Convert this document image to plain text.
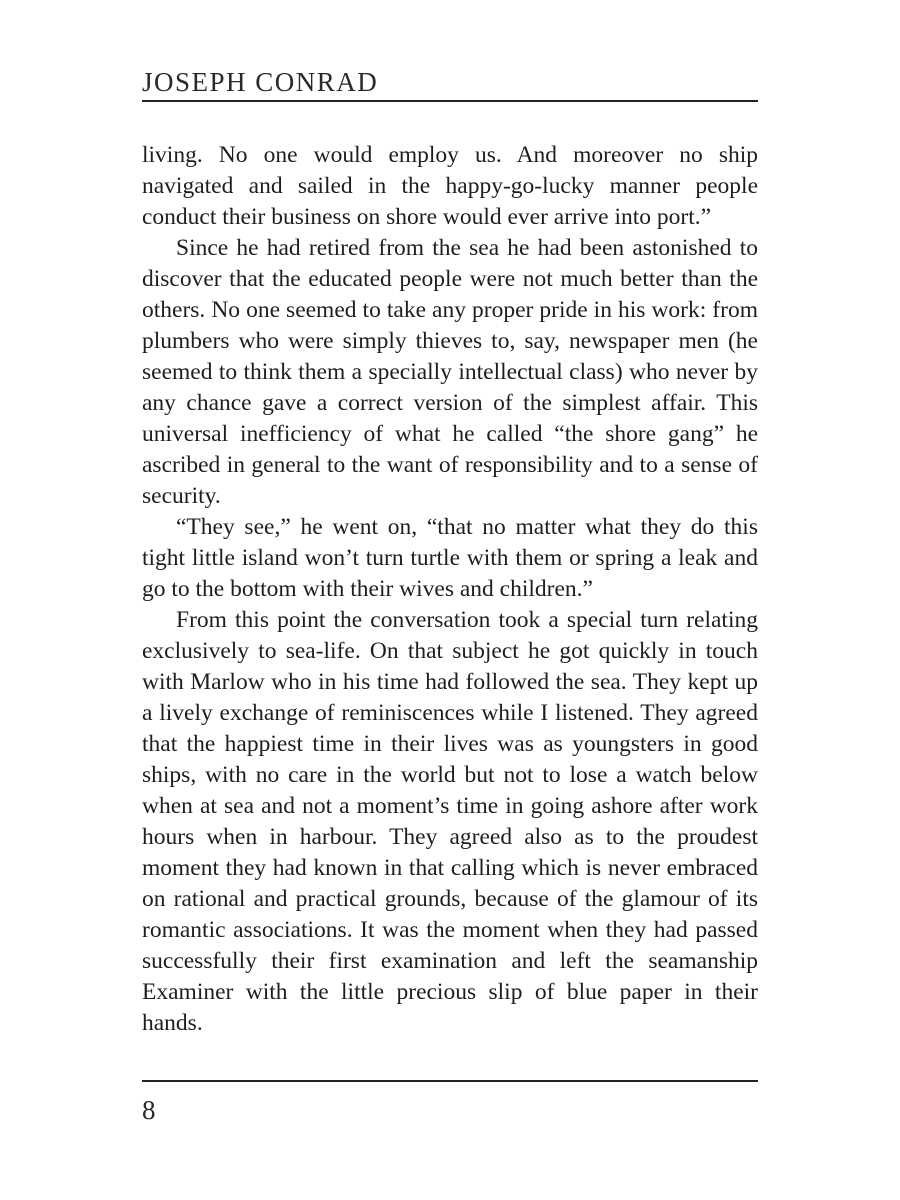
JOSEPH CONRAD

living. No one would employ us. And moreover no ship navigated and sailed in the happy-go-lucky manner people conduct their business on shore would ever arrive into port.”

Since he had retired from the sea he had been astonished to discover that the educated people were not much better than the others. No one seemed to take any proper pride in his work: from plumbers who were simply thieves to, say, newspaper men (he seemed to think them a specially intellectual class) who never by any chance gave a correct version of the simplest affair. This universal inefficiency of what he called “the shore gang” he ascribed in general to the want of responsibility and to a sense of security.

“They see,” he went on, “that no matter what they do this tight little island won’t turn turtle with them or spring a leak and go to the bottom with their wives and children.”

From this point the conversation took a special turn relating exclusively to sea-life. On that subject he got quickly in touch with Marlow who in his time had followed the sea. They kept up a lively exchange of reminiscences while I listened. They agreed that the happiest time in their lives was as youngsters in good ships, with no care in the world but not to lose a watch below when at sea and not a moment’s time in going ashore after work hours when in harbour. They agreed also as to the proudest moment they had known in that calling which is never embraced on rational and practical grounds, because of the glamour of its romantic associations. It was the moment when they had passed successfully their first examination and left the seamanship Examiner with the little precious slip of blue paper in their hands.

8
